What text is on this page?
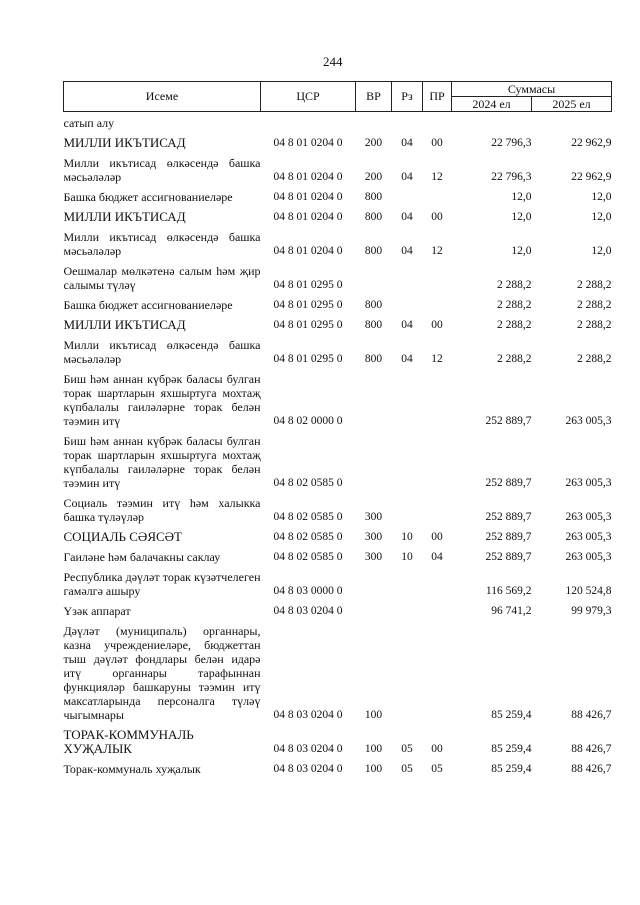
244
Исеме	ЦСР	ВР	Рз	ПР	Суммасы	
					2024 ел	2025 ел
сатып алу						
МИЛЛИ ИКЪТИСАД	04 8 01 0204 0	200	04	00	22 796,3	22 962,9
Милли икътисад өлкәсендә башка мәсьәләләр	04 8 01 0204 0	200	04	12	22 796,3	22 962,9
Башка бюджет ассигнованиеләре	04 8 01 0204 0	800			12,0	12,0
МИЛЛИ ИКЪТИСАД	04 8 01 0204 0	800	04	00	12,0	12,0
Милли икътисад өлкәсендә башка мәсьәләләр	04 8 01 0204 0	800	04	12	12,0	12,0
Оешмалар мөлкәтенә салым һәм җир салымы түләү	04 8 01 0295 0				2 288,2	2 288,2
Башка бюджет ассигнованиеләре	04 8 01 0295 0	800			2 288,2	2 288,2
МИЛЛИ ИКЪТИСАД	04 8 01 0295 0	800	04	00	2 288,2	2 288,2
Милли икътисад өлкәсендә башка мәсьәләләр	04 8 01 0295 0	800	04	12	2 288,2	2 288,2
Биш һәм аннан күбрәк баласы булган торак шартларын яхшыртуга мохтаҗ күпбалалы гаиләләрне торак белән тәэмин итү	04 8 02 0000 0				252 889,7	263 005,3
Биш һәм аннан күбрәк баласы булган торак шартларын яхшыртуга мохтаҗ күпбалалы гаиләләрне торак белән тәэмин итү	04 8 02 0585 0				252 889,7	263 005,3
Социаль тәэмин итү һәм халыкка башка түләүләр	04 8 02 0585 0	300			252 889,7	263 005,3
СОЦИАЛЬ СӘЯСӘТ	04 8 02 0585 0	300	10	00	252 889,7	263 005,3
Гаиләне һәм балачакны саклау	04 8 02 0585 0	300	10	04	252 889,7	263 005,3
Республика дәүләт торак күзәтчелеген гамәлгә ашыру	04 8 03 0000 0				116 569,2	120 524,8
Үзәк аппарат	04 8 03 0204 0				96 741,2	99 979,3
Дәүләт (муниципаль) органнары, казна учреждениеләре, бюджеттан тыш дәүләт фондлары белән идарә итү органнары тарафыннан функцияләр башкаруны тәэмин итү максатларында персоналга түләү чыгымнары	04 8 03 0204 0	100			85 259,4	88 426,7
ТОРАК-КОММУНАЛЬ ХУҖАЛЫК	04 8 03 0204 0	100	05	00	85 259,4	88 426,7
Торак-коммуналь хуҗалык	04 8 03 0204 0	100	05	05	85 259,4	88 426,7
